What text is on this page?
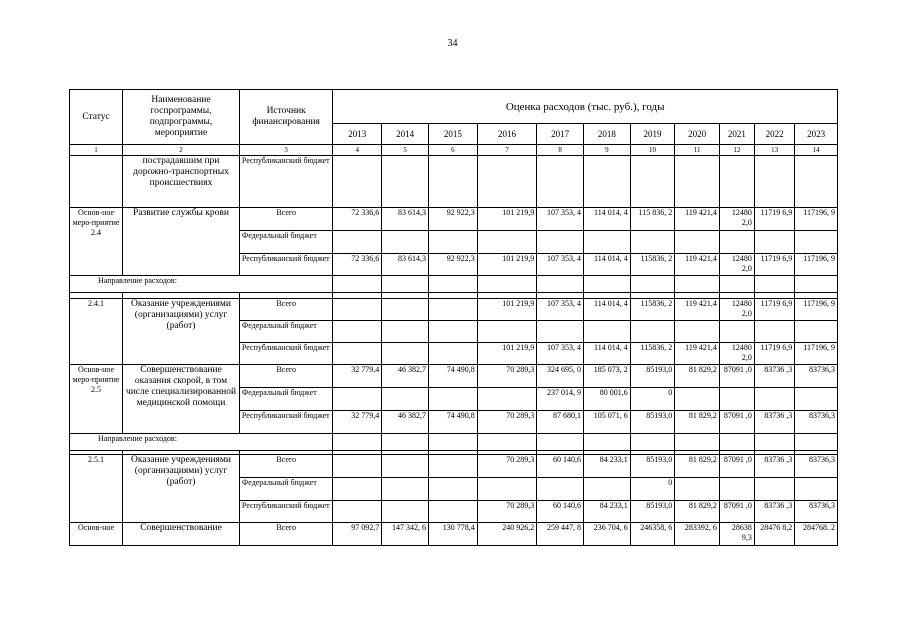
34
Статус	Наименование госпрограммы, подпрограммы, мероприятие	Источник финансирования	Оценка расходов (тыс. руб.), годы										
			2013	2014	2015	2016	2017	2018	2019	2020	2021	2022	2023
1	2	3	4	5	6	7	8	9	10	11	12	13	14
	пострадавшим при дорожно-транспортных происшествиях	Республиканский бюджет											
Основ-ное меро-приятие 2.4	Развитие службы крови	Всего	72 336,6	83 614,3	92 922,3	101 219,9	107 353, 4	114 014, 4	115 836, 2	119 421,4	12480 2,0	11719 6,9	117196, 9
		Федеральный бюджет											
		Республиканский бюджет	72 336,6	83 614,3	92 922,3	101 219,9	107 353, 4	114 014, 4	115836, 2	119 421,4	12480 2,0	11719 6,9	117196, 9
Направление расходов:													

2.4.1	Оказание учреждениями (организациями) услуг (работ)	Всего				101 219,9	107 353, 4	114 014, 4	115836, 2	119 421,4	12480 2,0	11719 6,9	117196, 9
		Федеральный бюджет											
		Республиканский бюджет				101 219,9	107 353, 4	114 014, 4	115836, 2	119 421,4	12480 2,0	11719 6,9	117196, 9
Основ-ное меро-приятие 2.5	Совершенствование оказания скорой, в том числе специализированной медицинской помощи	Всего	32 779,4	46 382,7	74 490,8	70 289,3	324 695, 0	185 073, 2	85193,0	81 829,2	87091 ,0	83736 ,3	83736,3
		Федеральный бюджет					237 014, 9	80 001,6	0				
		Республиканский бюджет	32 779,4	46 382,7	74 490,8	70 289,3	87 680,1	105 071, 6	85193,0	81 829,2	87091 ,0	83736 ,3	83736,3
Направление расходов:													

2.5.1	Оказание учреждениями (организациями) услуг (работ)	Всего				70 289,3	60 140,6	84 233,1	85193,0	81 829,2	87091 ,0	83736 ,3	83736,3
		Федеральный бюджет							0				
		Республиканский бюджет				70 289,3	60 140,6	84 233,1	85193,0	81 829,2	87091 ,0	83736 ,3	83736,3
Основ-ное	Совершенствование	Всего	97 092,7	147 342, 6	130 778,4	240 926,2	259 447, 8	236 704, 6	246358, 6	283392, 6	28638 9,3	28476 8,2	284768. 2
